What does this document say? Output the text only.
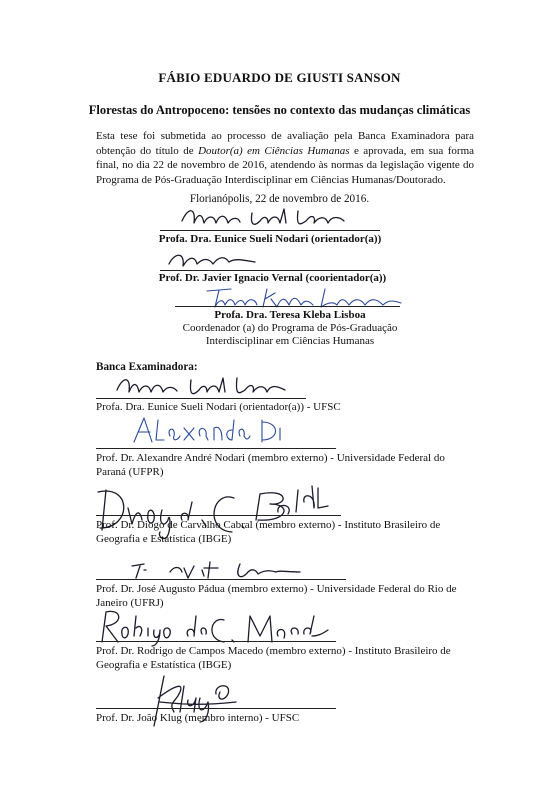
FÁBIO EDUARDO DE GIUSTI SANSON
Florestas do Antropoceno: tensões no contexto das mudanças climáticas
Esta tese foi submetida ao processo de avaliação pela Banca Examinadora para obtenção do título de Doutor(a) em Ciências Humanas e aprovada, em sua forma final, no dia 22 de novembro de 2016, atendendo às normas da legislação vigente do Programa de Pós-Graduação Interdisciplinar em Ciências Humanas/Doutorado.
Florianópolis, 22 de novembro de 2016.
Profa. Dra. Eunice Sueli Nodari (orientador(a))
Prof. Dr. Javier Ignacio Vernal (coorientador(a))
Profa. Dra. Teresa Kleba Lisboa
Coordenador (a) do Programa de Pós-Graduação
Interdisciplinar em Ciências Humanas
Banca Examinadora:
Profa. Dra. Eunice Sueli Nodari (orientador(a)) - UFSC
Prof. Dr. Alexandre André Nodari (membro externo) - Universidade Federal do
Paraná (UFPR)
Prof. Dr. Diogo de Carvalho Cabral (membro externo) - Instituto Brasileiro de
Geografia e Estatística (IBGE)
Prof. Dr. José Augusto Pádua (membro externo) - Universidade Federal do Rio de
Janeiro (UFRJ)
Prof. Dr. Rodrigo de Campos Macedo (membro externo) - Instituto Brasileiro de
Geografia e Estatística (IBGE)
Prof. Dr. João Klug (membro interno) - UFSC
